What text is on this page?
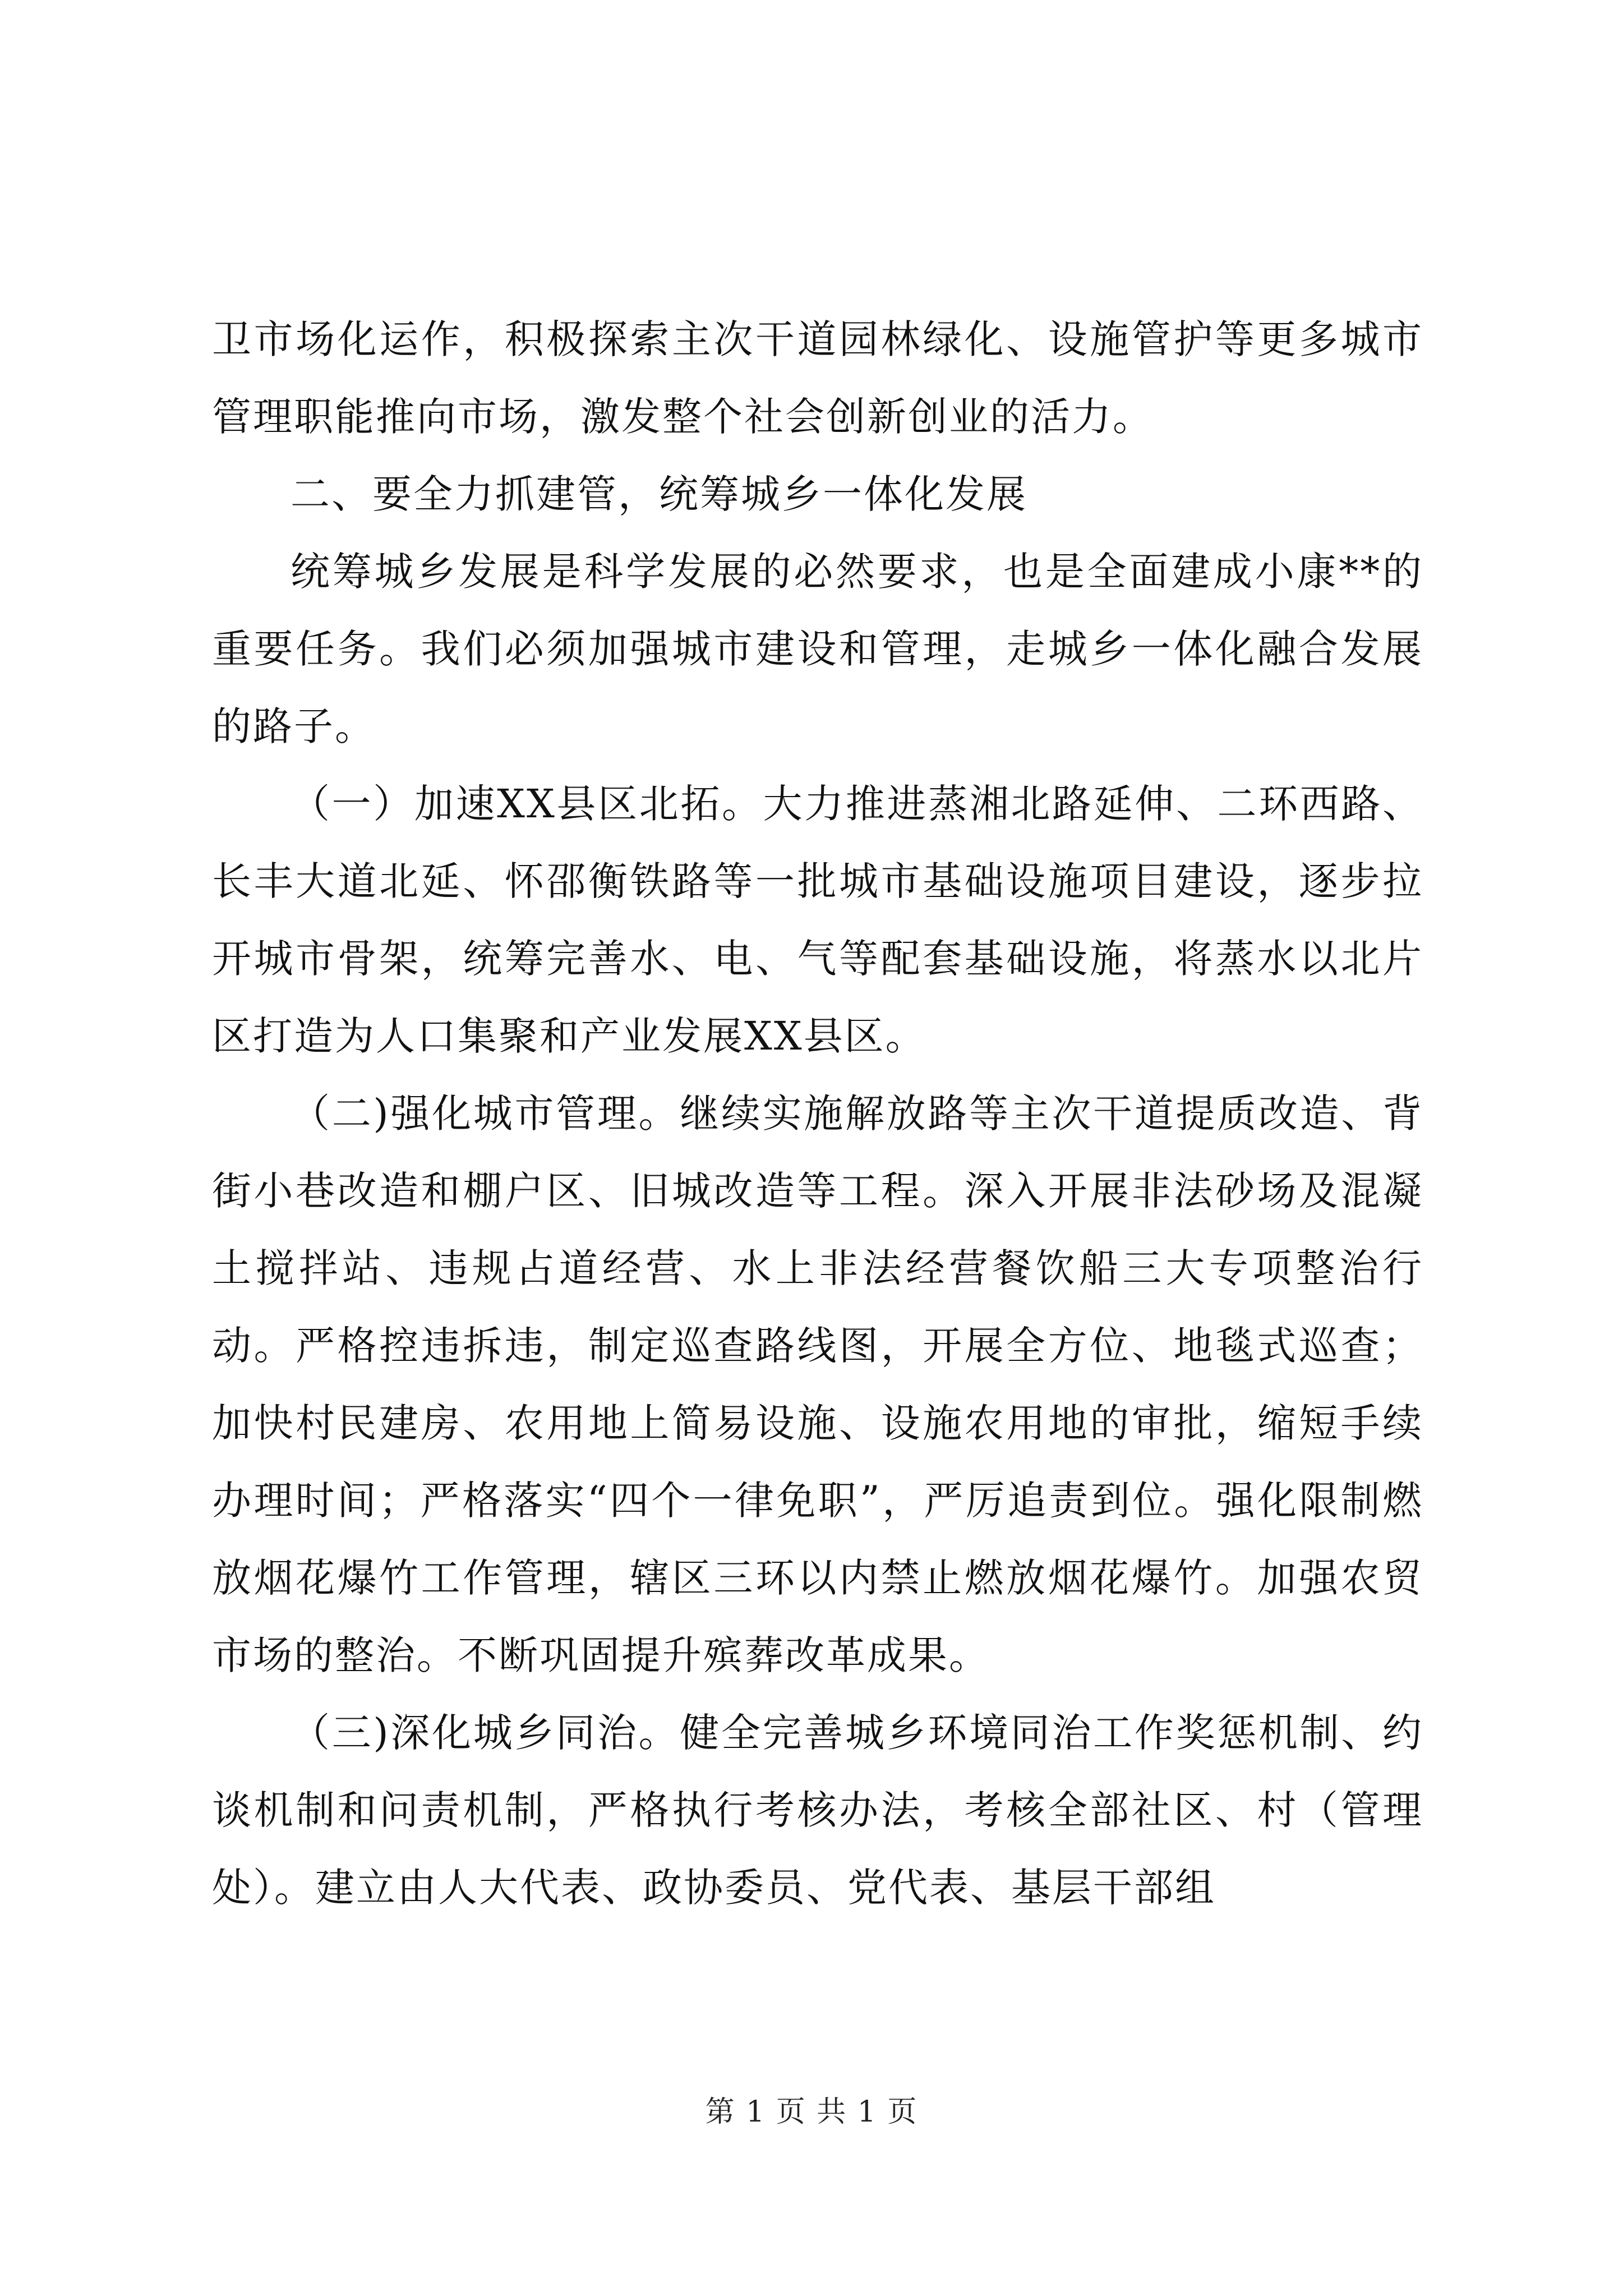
卫市场化运作，积极探索主次干道园林绿化、设施管护等更多城市管理职能推向市场，激发整个社会创新创业的活力。

二、要全力抓建管，统筹城乡一体化发展

统筹城乡发展是科学发展的必然要求，也是全面建成小康**的重要任务。我们必须加强城市建设和管理，走城乡一体化融合发展的路子。

（一）加速XX县区北拓。大力推进蒸湘北路延伸、二环西路、长丰大道北延、怀邵衡铁路等一批城市基础设施项目建设，逐步拉开城市骨架，统筹完善水、电、气等配套基础设施，将蒸水以北片区打造为人口集聚和产业发展XX县区。

（二)强化城市管理。继续实施解放路等主次干道提质改造、背街小巷改造和棚户区、旧城改造等工程。深入开展非法砂场及混凝土搅拌站、违规占道经营、水上非法经营餐饮船三大专项整治行动。严格控违拆违，制定巡查路线图，开展全方位、地毯式巡查；加快村民建房、农用地上简易设施、设施农用地的审批，缩短手续办理时间；严格落实“四个一律免职”，严厉追责到位。强化限制燃放烟花爆竹工作管理，辖区三环以内禁止燃放烟花爆竹。加强农贸市场的整治。不断巩固提升殡葬改革成果。

（三)深化城乡同治。健全完善城乡环境同治工作奖惩机制、约谈机制和问责机制，严格执行考核办法，考核全部社区、村（管理处）。建立由人大代表、政协委员、党代表、基层干部组

第 1 页 共 1 页
